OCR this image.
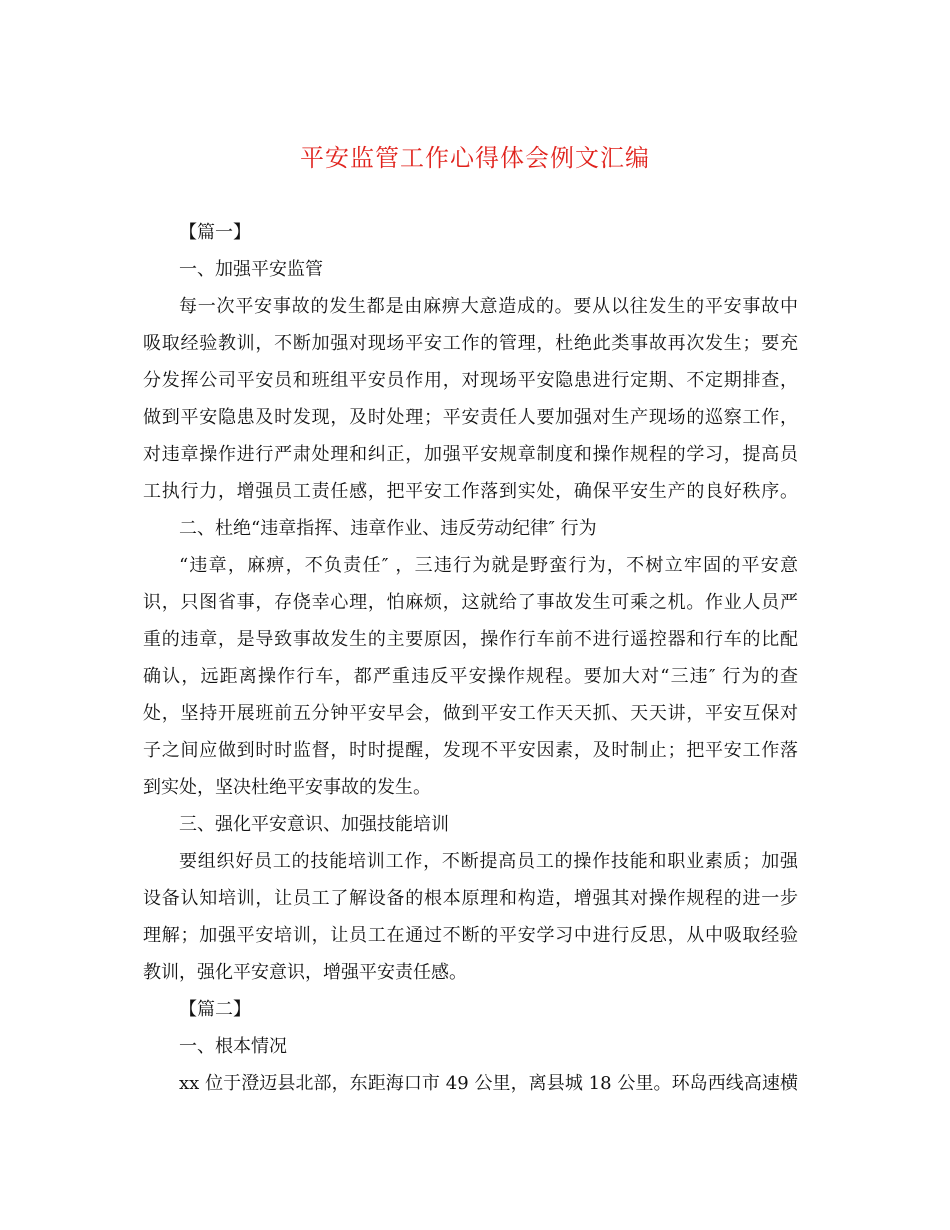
平安监管工作心得体会例文汇编
【篇一】
一、加强平安监管
每一次平安事故的发生都是由麻痹大意造成的。要从以往发生的平安事故中
吸取经验教训，不断加强对现场平安工作的管理，杜绝此类事故再次发生；要充
分发挥公司平安员和班组平安员作用，对现场平安隐患进行定期、不定期排查，
做到平安隐患及时发现，及时处理；平安责任人要加强对生产现场的巡察工作，
对违章操作进行严肃处理和纠正，加强平安规章制度和操作规程的学习，提高员
工执行力，增强员工责任感，把平安工作落到实处，确保平安生产的良好秩序。
二、杜绝“违章指挥、违章作业、违反劳动纪律″ 行为
“违章，麻痹，不负责任″ ，三违行为就是野蛮行为，不树立牢固的平安意
识，只图省事，存侥幸心理，怕麻烦，这就给了事故发生可乘之机。作业人员严
重的违章，是导致事故发生的主要原因，操作行车前不进行遥控器和行车的比配
确认，远距离操作行车，都严重违反平安操作规程。要加大对“三违″ 行为的查
处，坚持开展班前五分钟平安早会，做到平安工作天天抓、天天讲，平安互保对
子之间应做到时时监督，时时提醒，发现不平安因素，及时制止；把平安工作落
到实处，坚决杜绝平安事故的发生。
三、强化平安意识、加强技能培训
要组织好员工的技能培训工作，不断提高员工的操作技能和职业素质；加强
设备认知培训，让员工了解设备的根本原理和构造，增强其对操作规程的进一步
理解；加强平安培训，让员工在通过不断的平安学习中进行反思，从中吸取经验
教训，强化平安意识，增强平安责任感。
【篇二】
一、根本情况
xx 位于澄迈县北部，东距海口市 49 公里，离县城 18 公里。环岛西线高速横
